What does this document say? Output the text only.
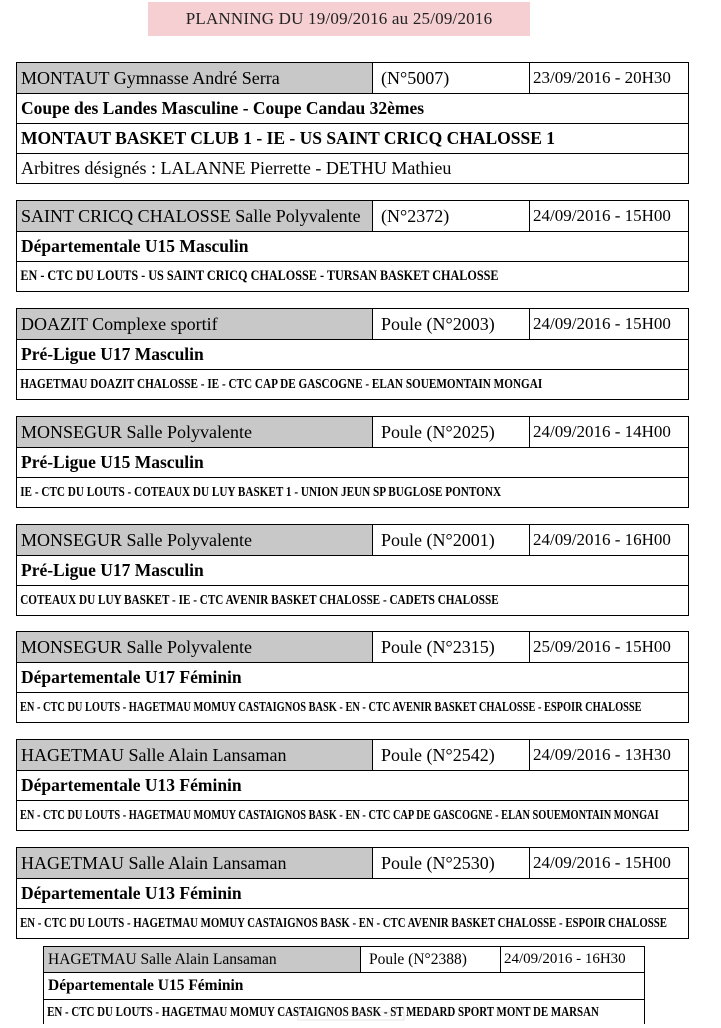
PLANNING DU 19/09/2016 au 25/09/2016
MONTAUT Gymnasse André Serra	(N°5007)	23/09/2016 - 20H30
Coupe des Landes Masculine - Coupe Candau 32èmes
MONTAUT BASKET CLUB 1 - IE - US SAINT CRICQ CHALOSSE 1
Arbitres désignés : LALANNE Pierrette - DETHU Mathieu
SAINT CRICQ CHALOSSE Salle Polyvalente	(N°2372)	24/09/2016 - 15H00
Départementale U15 Masculin
EN - CTC DU LOUTS - US SAINT CRICQ CHALOSSE - TURSAN BASKET CHALOSSE
DOAZIT Complexe sportif	Poule (N°2003)	24/09/2016 - 15H00
Pré-Ligue U17 Masculin
HAGETMAU DOAZIT CHALOSSE - IE - CTC CAP DE GASCOGNE - ELAN SOUEMONTAIN MONGAI
MONSEGUR Salle Polyvalente	Poule (N°2025)	24/09/2016 - 14H00
Pré-Ligue U15 Masculin
IE - CTC DU LOUTS - COTEAUX DU LUY BASKET 1 - UNION JEUN SP BUGLOSE PONTONX
MONSEGUR Salle Polyvalente	Poule (N°2001)	24/09/2016 - 16H00
Pré-Ligue U17 Masculin
COTEAUX DU LUY BASKET - IE - CTC AVENIR BASKET CHALOSSE - CADETS CHALOSSE
MONSEGUR Salle Polyvalente	Poule (N°2315)	25/09/2016 - 15H00
Départementale U17 Féminin
EN - CTC DU LOUTS - HAGETMAU MOMUY CASTAIGNOS BASK - EN - CTC AVENIR BASKET CHALOSSE - ESPOIR CHALOSSE
HAGETMAU Salle Alain Lansaman	Poule (N°2542)	24/09/2016 - 13H30
Départementale U13 Féminin
EN - CTC DU LOUTS - HAGETMAU MOMUY CASTAIGNOS BASK - EN - CTC CAP DE GASCOGNE - ELAN SOUEMONTAIN MONGAI
HAGETMAU Salle Alain Lansaman	Poule (N°2530)	24/09/2016 - 15H00
Départementale U13 Féminin
EN - CTC DU LOUTS - HAGETMAU MOMUY CASTAIGNOS BASK - EN - CTC AVENIR BASKET CHALOSSE - ESPOIR CHALOSSE
HAGETMAU Salle Alain Lansaman	Poule (N°2388)	24/09/2016 - 16H30
Départementale U15 Féminin
EN - CTC DU LOUTS - HAGETMAU MOMUY CASTAIGNOS BASK - ST MEDARD SPORT MONT DE MARSAN
